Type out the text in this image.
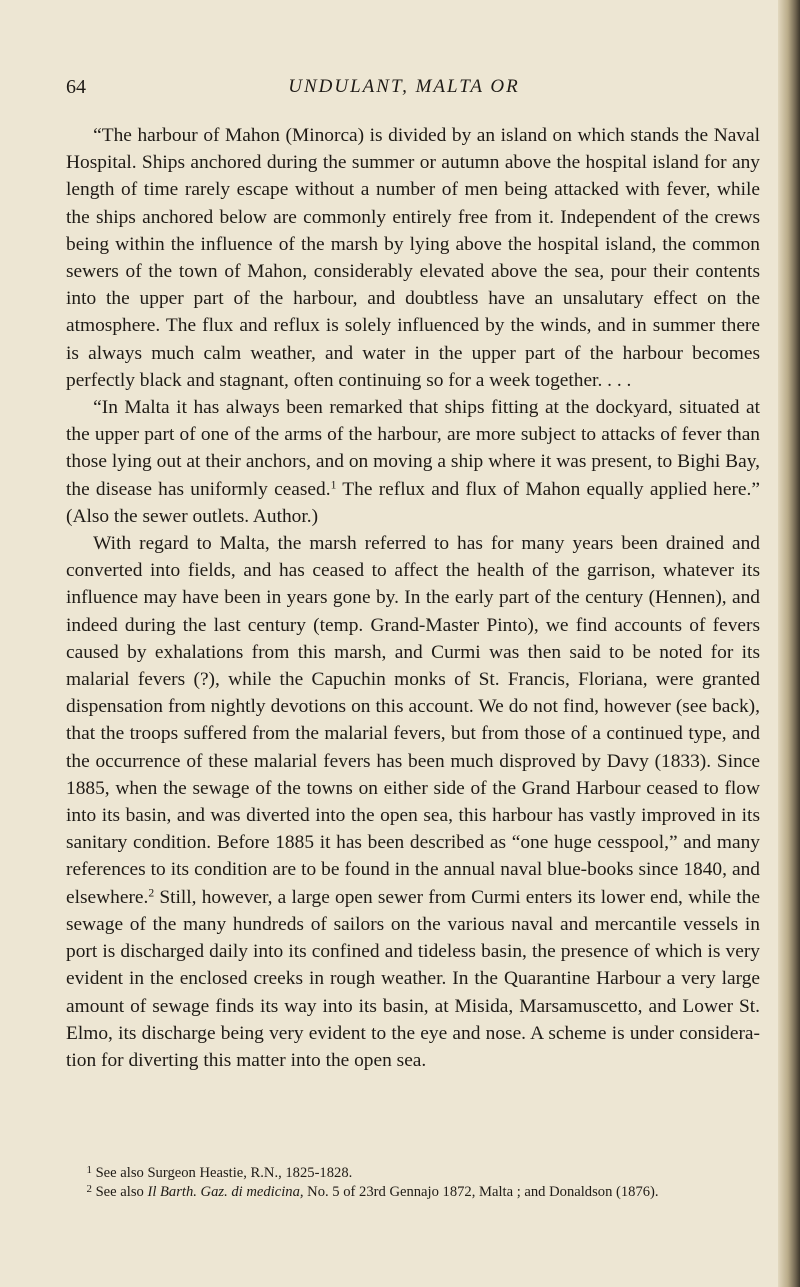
64	UNDULANT, MALTA OR

“The harbour of Mahon (Minorca) is divided by an island on which stands the Naval Hospital. Ships anchored during the summer or autumn above the hospital island for any length of time rarely escape without a number of men being attacked with fever, while the ships anchored below are commonly entirely free from it. Independent of the crews being within the influence of the marsh by lying above the hospital island, the common sewers of the town of Mahon, considerably elevated above the sea, pour their contents into the upper part of the harbour, and doubtless have an unsalutary effect on the atmosphere. The flux and reflux is solely influenced by the winds, and in summer there is always much calm weather, and water in the upper part of the harbour becomes perfectly black and stagnant, often continuing so for a week together. . . .

“In Malta it has always been remarked that ships fitting at the dockyard, situated at the upper part of one of the arms of the harbour, are more subject to attacks of fever than those lying out at their anchors, and on moving a ship where it was present, to Bighi Bay, the disease has uniformly ceased.$^1$ The reflux and flux of Mahon equally applied here.” (Also the sewer outlets. Author.)

With regard to Malta, the marsh referred to has for many years been drained and converted into fields, and has ceased to affect the health of the garrison, whatever its influence may have been in years gone by. In the early part of the century (Hennen), and indeed during the last century (temp. Grand-Master Pinto), we find accounts of fevers caused by exhalations from this marsh, and Curmi was then said to be noted for its malarial fevers (?), while the Capuchin monks of St. Francis, Floriana, were granted dispensation from nightly devotions on this account. We do not find, however (see back), that the troops suffered from the malarial fevers, but from those of a continued type, and the occurrence of these malarial fevers has been much disproved by Davy (1833). Since 1885, when the sewage of the towns on either side of the Grand Harbour ceased to flow into its basin, and was diverted into the open sea, this harbour has vastly improved in its sanitary condition. Before 1885 it has been described as “one huge cesspool,” and many references to its condition are to be found in the annual naval blue-books since 1840, and elsewhere.$^2$ Still, however, a large open sewer from Curmi enters its lower end, while the sewage of the many hundreds of sailors on the various naval and mercantile vessels in port is discharged daily into its confined and tideless basin, the presence of which is very evident in the enclosed creeks in rough weather. In the Quarantine Harbour a very large amount of sewage finds its way into its basin, at Misida, Marsamuscetto, and Lower St. Elmo, its discharge being very evident to the eye and nose. A scheme is under consideration for diverting this matter into the open sea.

$^1$ See also Surgeon Heastie, R.N., 1825-1828.

$^2$ See also Il Barth. Gaz. di medicina, No. 5 of 23rd Gennajo 1872, Malta ; and Donaldson (1876).
